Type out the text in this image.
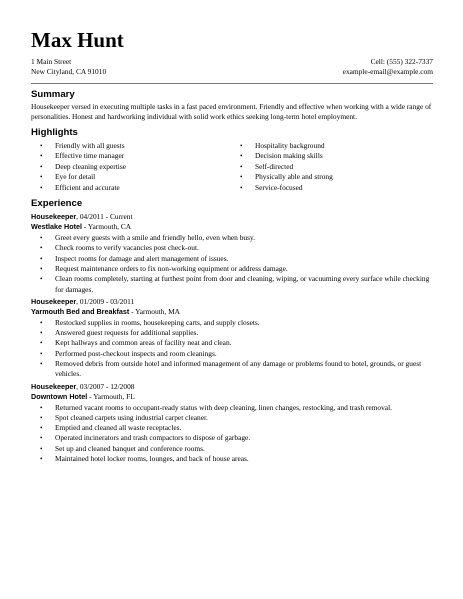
Max Hunt
1 Main Street
New Cityland, CA 91010
Cell: (555) 322-7337
example-email@example.com
Summary

Housekeeper versed in executing multiple tasks in a fast paced environment. Friendly and effective when working with a wide range of personalities. Honest and hardworking individual with solid work ethics seeking long-term hotel employment.

Highlights
• Friendly with all guests
• Effective time manager
• Deep cleaning expertise
• Eye for detail
• Efficient and accurate
• Hospitality background
• Decision making skills
• Self-directed
• Physically able and strong
• Service-focused
Experience
Housekeeper, 04/2011 - Current
Westlake Hotel - Yarmouth, CA
• Greet every guests with a smile and friendly hello, even when busy.
• Check rooms to verify vacancies post check-out.
• Inspect rooms for damage and alert management of issues.
• Request maintenance orders to fix non-working equipment or address damage.
• Clean rooms completely, starting at furthest point from door and cleaning, wiping, or vacuuming every surface while checking for damages.
Housekeeper, 01/2009 - 03/2011
Yarmouth Bed and Breakfast - Yarmouth, MA
• Restocked supplies in rooms, housekeeping carts, and supply closets.
• Answered guest requests for additional supplies.
• Kept hallways and common areas of facility neat and clean.
• Performed post-checkout inspects and room cleanings.
• Removed debris from outside hotel and informed management of any damage or problems found to hotel, grounds, or guest vehicles.
Housekeeper, 03/2007 - 12/2008
Downtown Hotel - Yarmouth, FL
• Returned vacant rooms to occupant-ready status with deep cleaning, linen changes, restocking, and trash removal.
• Spot cleaned carpets using industrial carpet cleaner.
• Emptied and cleaned all waste receptacles.
• Operated incinerators and trash compactors to dispose of garbage.
• Set up and cleaned banquet and conference rooms.
• Maintained hotel locker rooms, lounges, and back of house areas.
